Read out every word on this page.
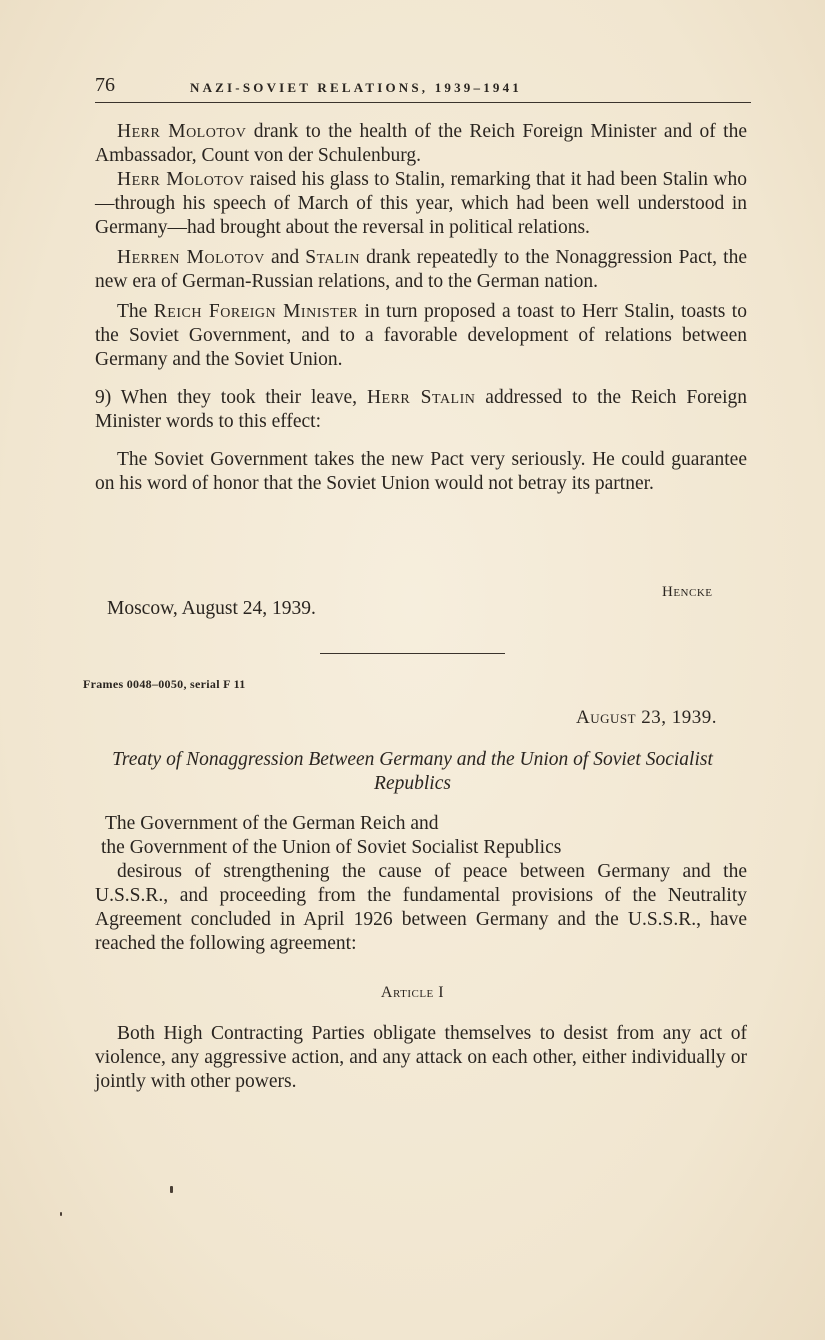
76	NAZI-SOVIET RELATIONS, 1939–1941

Herr Molotov drank to the health of the Reich Foreign Minister and of the Ambassador, Count von der Schulenburg.

Herr Molotov raised his glass to Stalin, remarking that it had been Stalin who—through his speech of March of this year, which had been well understood in Germany—had brought about the reversal in political relations.

Herren Molotov and Stalin drank repeatedly to the Nonaggression Pact, the new era of German-Russian relations, and to the German nation.

The Reich Foreign Minister in turn proposed a toast to Herr Stalin, toasts to the Soviet Government, and to a favorable development of relations between Germany and the Soviet Union.

9) When they took their leave, Herr Stalin addressed to the Reich Foreign Minister words to this effect:

The Soviet Government takes the new Pact very seriously. He could guarantee on his word of honor that the Soviet Union would not betray its partner.

Hencke
Moscow, August 24, 1939.
Frames 0048–0050, serial F 11
August 23, 1939.
Treaty of Nonaggression Between Germany and the Union of Soviet Socialist Republics

The Government of the German Reich and

the Government of the Union of Soviet Socialist Republics

desirous of strengthening the cause of peace between Germany and the U.S.S.R., and proceeding from the fundamental provisions of the Neutrality Agreement concluded in April 1926 between Germany and the U.S.S.R., have reached the following agreement:

Article I

Both High Contracting Parties obligate themselves to desist from any act of violence, any aggressive action, and any attack on each other, either individually or jointly with other powers.
